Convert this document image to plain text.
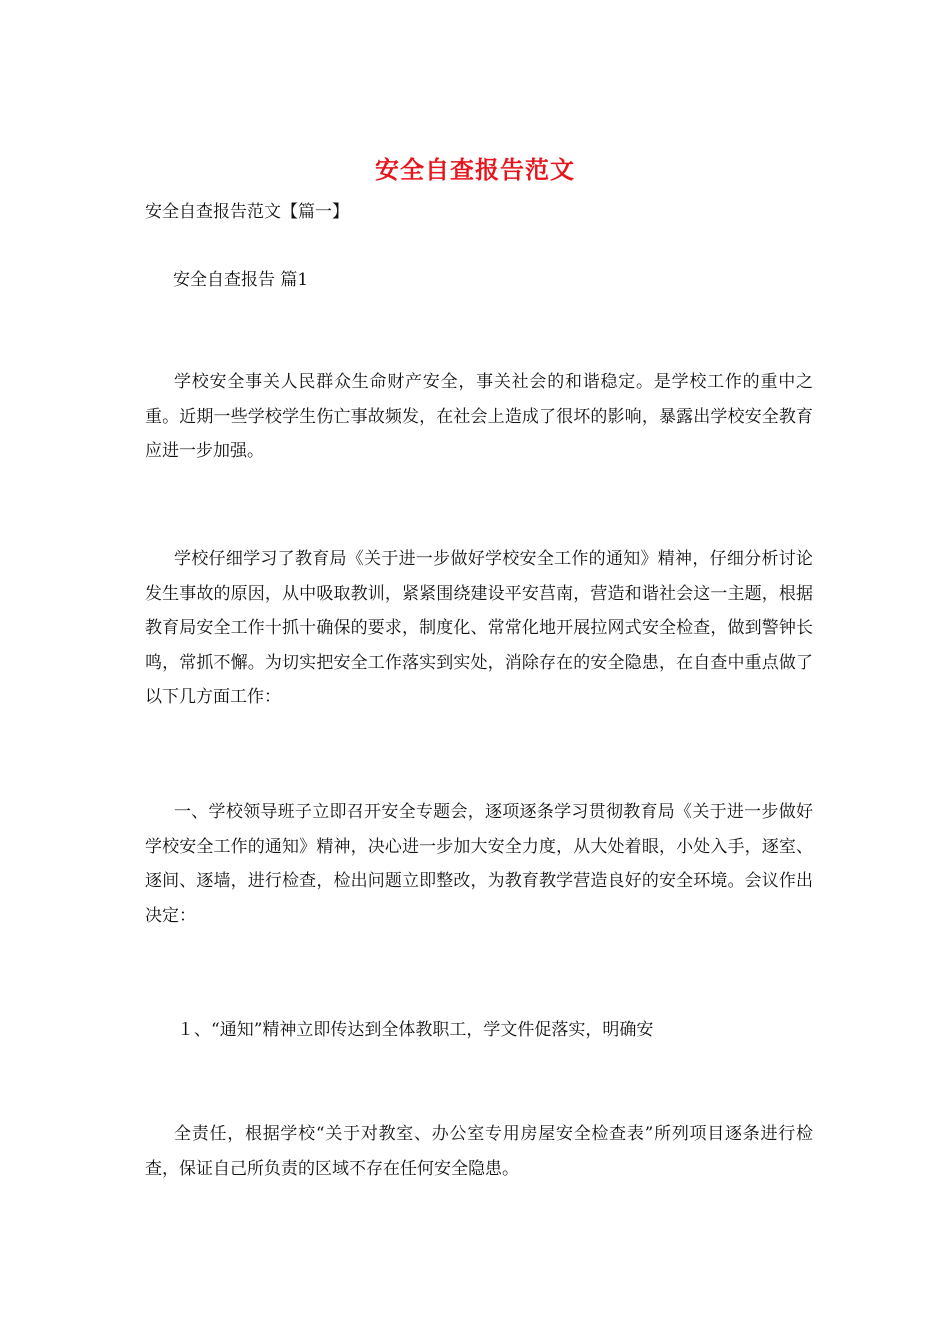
安全自查报告范文
安全自查报告范文【篇一】
安全自查报告 篇1

学校安全事关人民群众生命财产安全，事关社会的和谐稳定。是学校工作的重中之重。近期一些学校学生伤亡事故频发，在社会上造成了很坏的影响，暴露出学校安全教育应进一步加强。

学校仔细学习了教育局《关于进一步做好学校安全工作的通知》精神，仔细分析讨论发生事故的原因，从中吸取教训，紧紧围绕建设平安莒南，营造和谐社会这一主题，根据教育局安全工作十抓十确保的要求，制度化、常常化地开展拉网式安全检查，做到警钟长鸣，常抓不懈。为切实把安全工作落实到实处，消除存在的安全隐患，在自查中重点做了以下几方面工作：

一、学校领导班子立即召开安全专题会，逐项逐条学习贯彻教育局《关于进一步做好学校安全工作的通知》精神，决心进一步加大安全力度，从大处着眼，小处入手，逐室、逐间、逐墙，进行检查，检出问题立即整改，为教育教学营造良好的安全环境。会议作出决定：

１、“通知”精神立即传达到全体教职工，学文件促落实，明确安

全责任，根据学校“关于对教室、办公室专用房屋安全检查表”所列项目逐条进行检查，保证自己所负责的区域不存在任何安全隐患。
